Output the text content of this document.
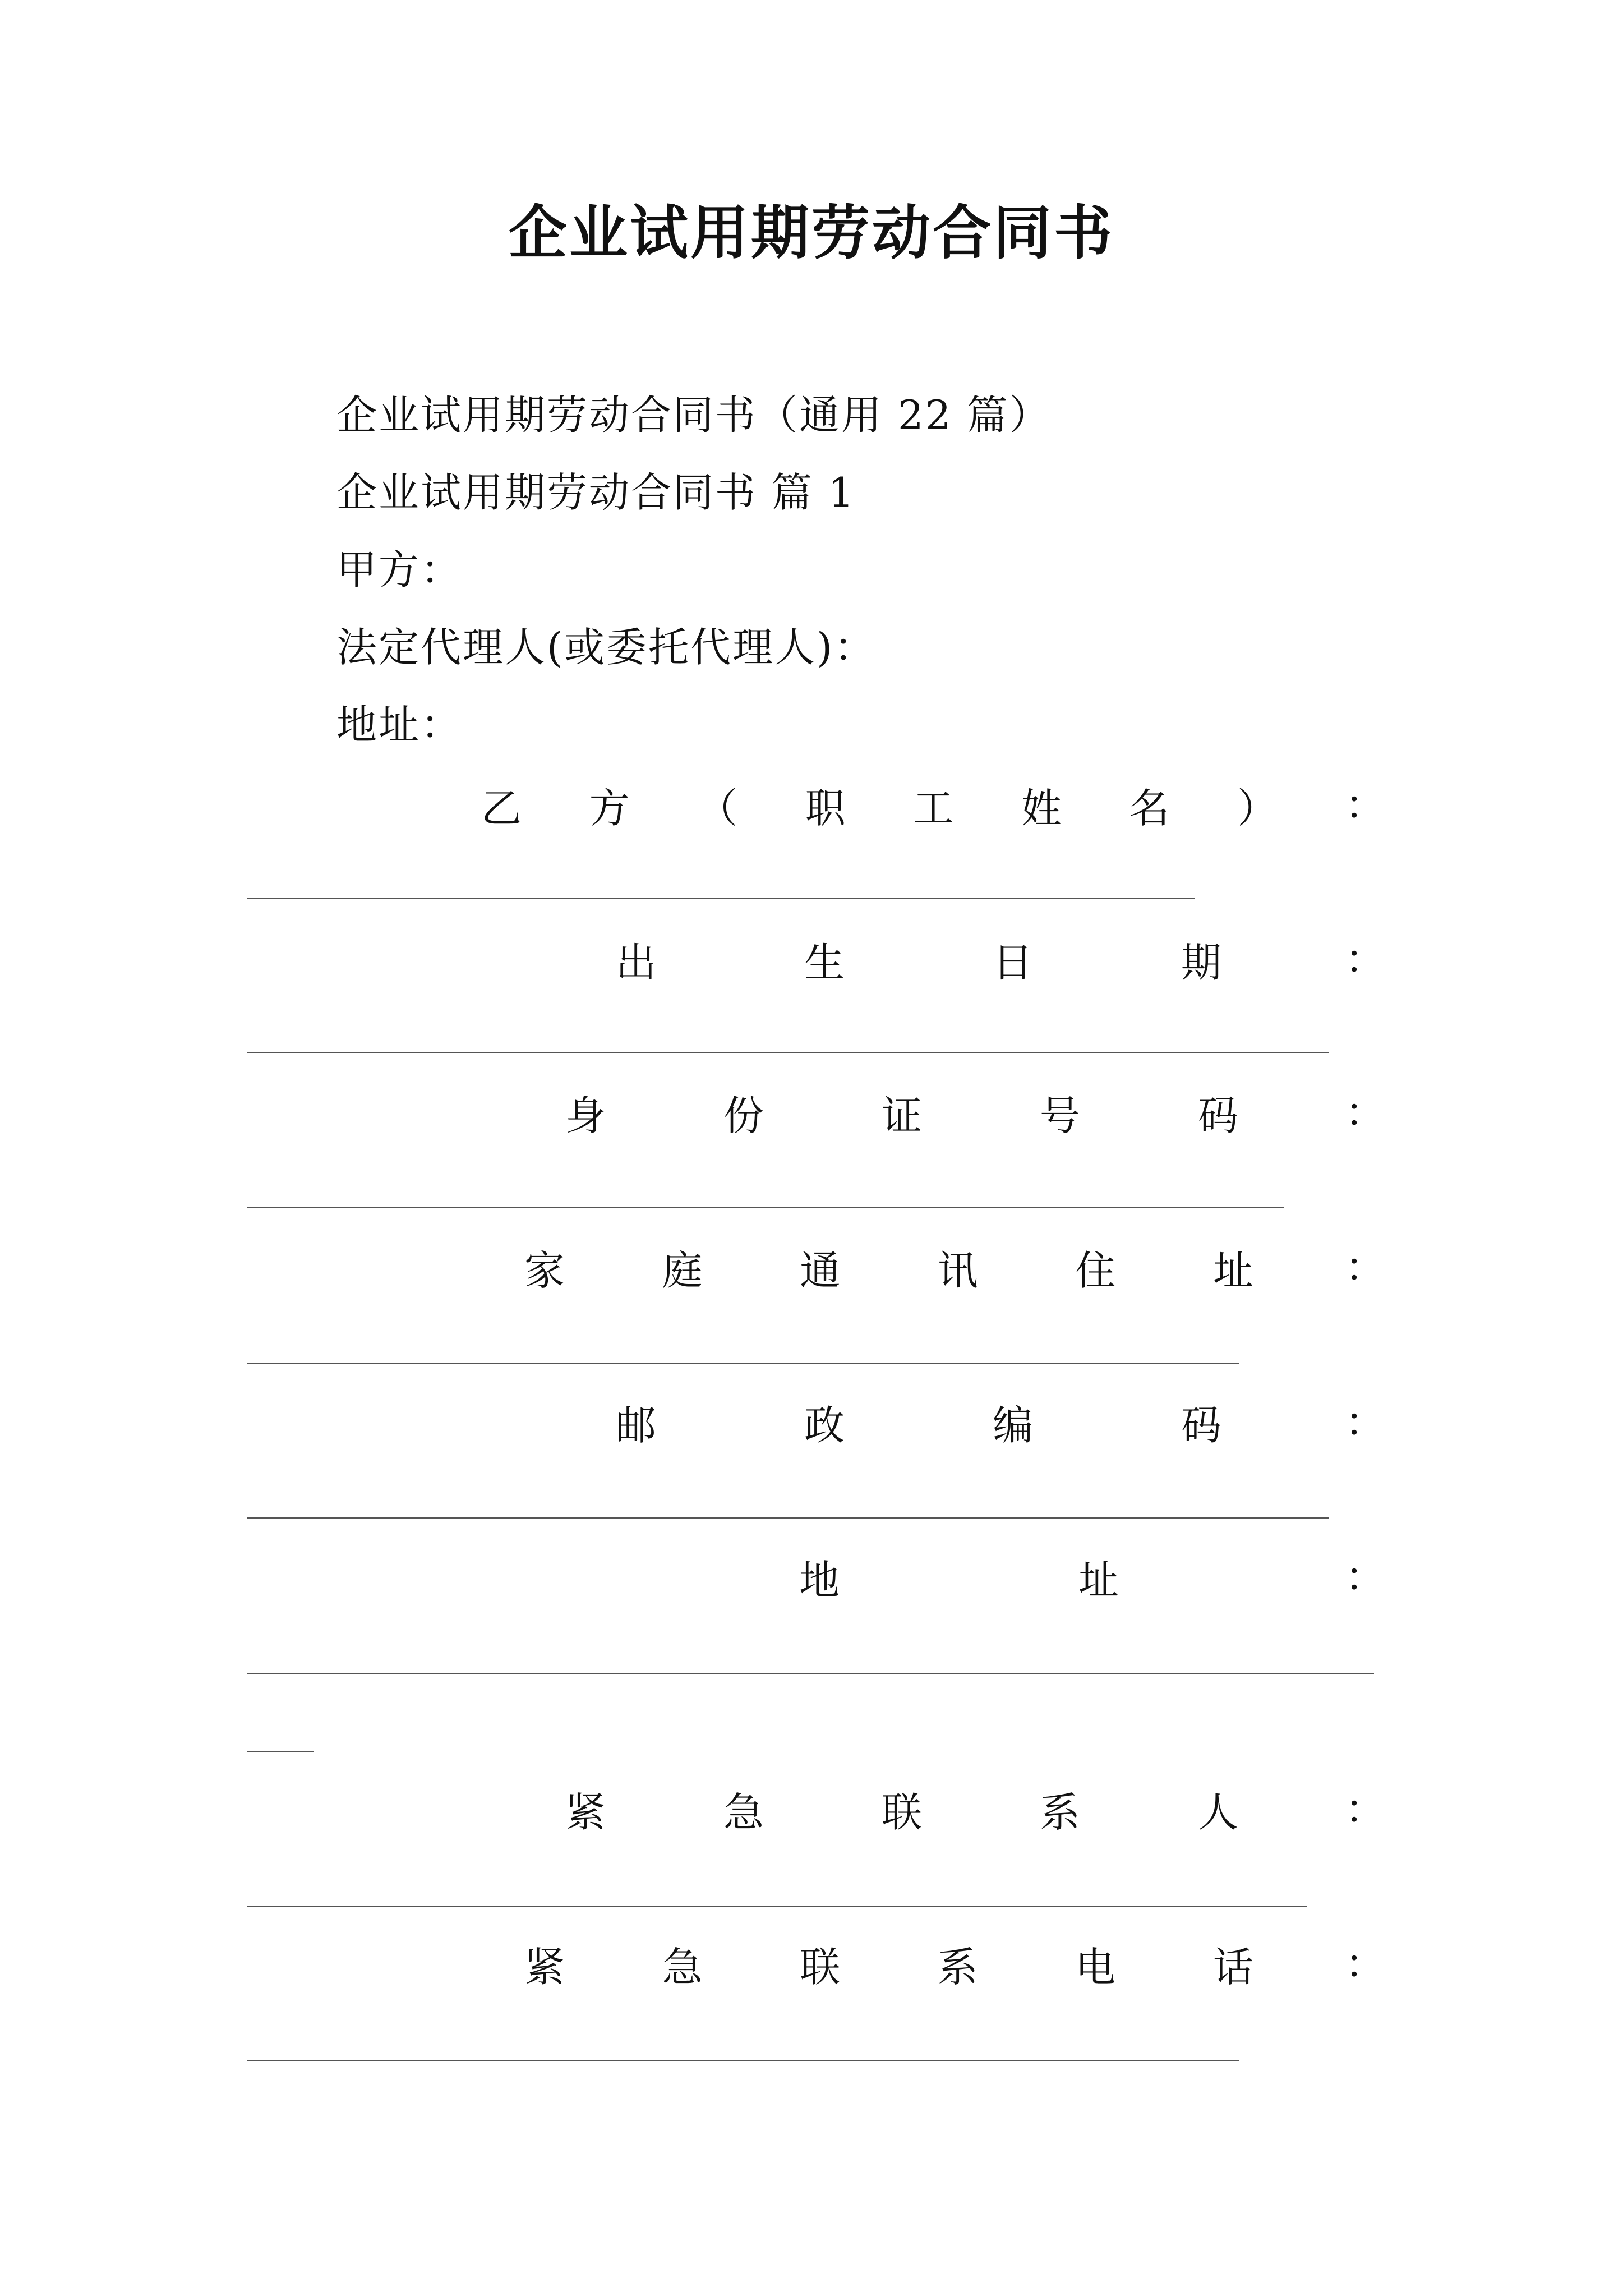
企业试用期劳动合同书

企业试用期劳动合同书（通用 22 篇）

企业试用期劳动合同书 篇 1

甲方：

法定代理人(或委托代理人)：

地址：

乙 方 （ 职 工 姓 名 ） ：
出	生	日	期	：
身	份	证	号	码	：
家 庭 通 讯 住 址 ：
邮	政	编	码	：
地	址	：
紧	急	联	系	人	：
紧 急 联 系 电 话 ：
